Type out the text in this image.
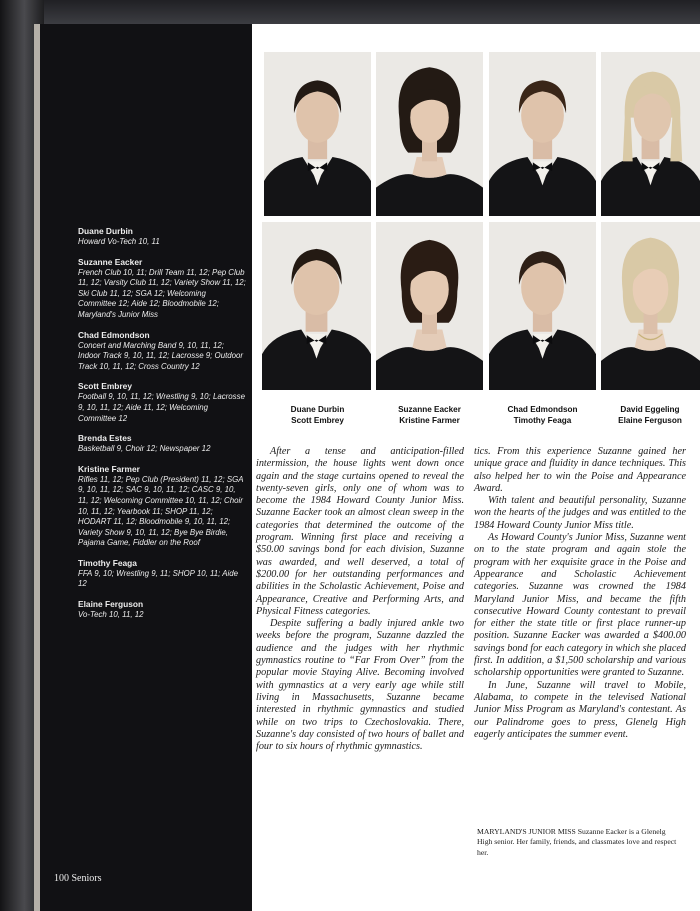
Duane Durbin
Howard Vo-Tech 10, 11
Suzanne Eacker
French Club 10, 11; Drill Team 11, 12; Pep Club 11, 12; Varsity Club 11, 12; Variety Show 11, 12; Ski Club 11, 12; SGA 12; Welcoming Committee 12; Aide 12; Bloodmobile 12; Maryland's Junior Miss
Chad Edmondson
Concert and Marching Band 9, 10, 11, 12; Indoor Track 9, 10, 11, 12; Lacrosse 9; Outdoor Track 10, 11, 12; Cross Country 12
Scott Embrey
Football 9, 10, 11, 12; Wrestling 9, 10; Lacrosse 9, 10, 11, 12; Aide 11, 12; Welcoming Committee 12
Brenda Estes
Basketball 9, Choir 12; Newspaper 12
Kristine Farmer
Rifles 11, 12; Pep Club (President) 11, 12; SGA 9, 10, 11, 12; SAC 9, 10, 11, 12; CASC 9, 10, 11, 12; Welcoming Committee 10, 11, 12; Choir 10, 11, 12; Yearbook 11; SHOP 11, 12; HODART 11, 12; Bloodmobile 9, 10, 11, 12; Variety Show 9, 10, 11, 12; Bye Bye Birdie, Pajama Game, Fiddler on the Roof
Timothy Feaga
FFA 9, 10; Wrestling 9, 11; SHOP 10, 11; Aide 12
Elaine Ferguson
Vo-Tech 10, 11, 12
100 Seniors
Duane Durbin
Scott Embrey
Suzanne Eacker
Kristine Farmer
Chad Edmondson
Timothy Feaga
David Eggeling
Elaine Ferguson

After a tense and anticipation-filled intermission, the house lights went down once again and the stage curtains opened to reveal the twenty-seven girls, only one of whom was to become the 1984 Howard County Junior Miss. Suzanne Eacker took an almost clean sweep in the categories that determined the outcome of the program. Winning first place and receiving a $50.00 savings bond for each division, Suzanne was awarded, and well deserved, a total of $200.00 for her outstanding performances and abilities in the Scholastic Achievement, Poise and Appearance, Creative and Performing Arts, and Physical Fitness categories.

Despite suffering a badly injured ankle two weeks before the program, Suzanne dazzled the audience and the judges with her rhythmic gymnastics routine to “Far From Over” from the popular movie Staying Alive. Becoming involved with gymnastics at a very early age while still living in Massachusetts, Suzanne became interested in rhythmic gymnastics and studied while on two trips to Czechoslovakia. There, Suzanne's day consisted of two hours of ballet and four to six hours of rhythmic gymnastics.

tics. From this experience Suzanne gained her unique grace and fluidity in dance techniques. This also helped her to win the Poise and Appearance Award.

With talent and beautiful personality, Suzanne won the hearts of the judges and was entitled to the 1984 Howard County Junior Miss title.

As Howard County's Junior Miss, Suzanne went on to the state program and again stole the program with her exquisite grace in the Poise and Appearance and Scholastic Achievement categories. Suzanne was crowned the 1984 Maryland Junior Miss, and became the fifth consecutive Howard County contestant to prevail for either the state title or first place runner-up position. Suzanne Eacker was awarded a $400.00 savings bond for each category in which she placed first. In addition, a $1,500 scholarship and various scholarship opportunities were granted to Suzanne.

In June, Suzanne will travel to Mobile, Alabama, to compete in the televised National Junior Miss Program as Maryland's contestant. As our Palindrome goes to press, Glenelg High eagerly anticipates the summer event.

MARYLAND'S JUNIOR MISS Suzanne Eacker is a Glenelg High senior. Her family, friends, and classmates love and respect her.
